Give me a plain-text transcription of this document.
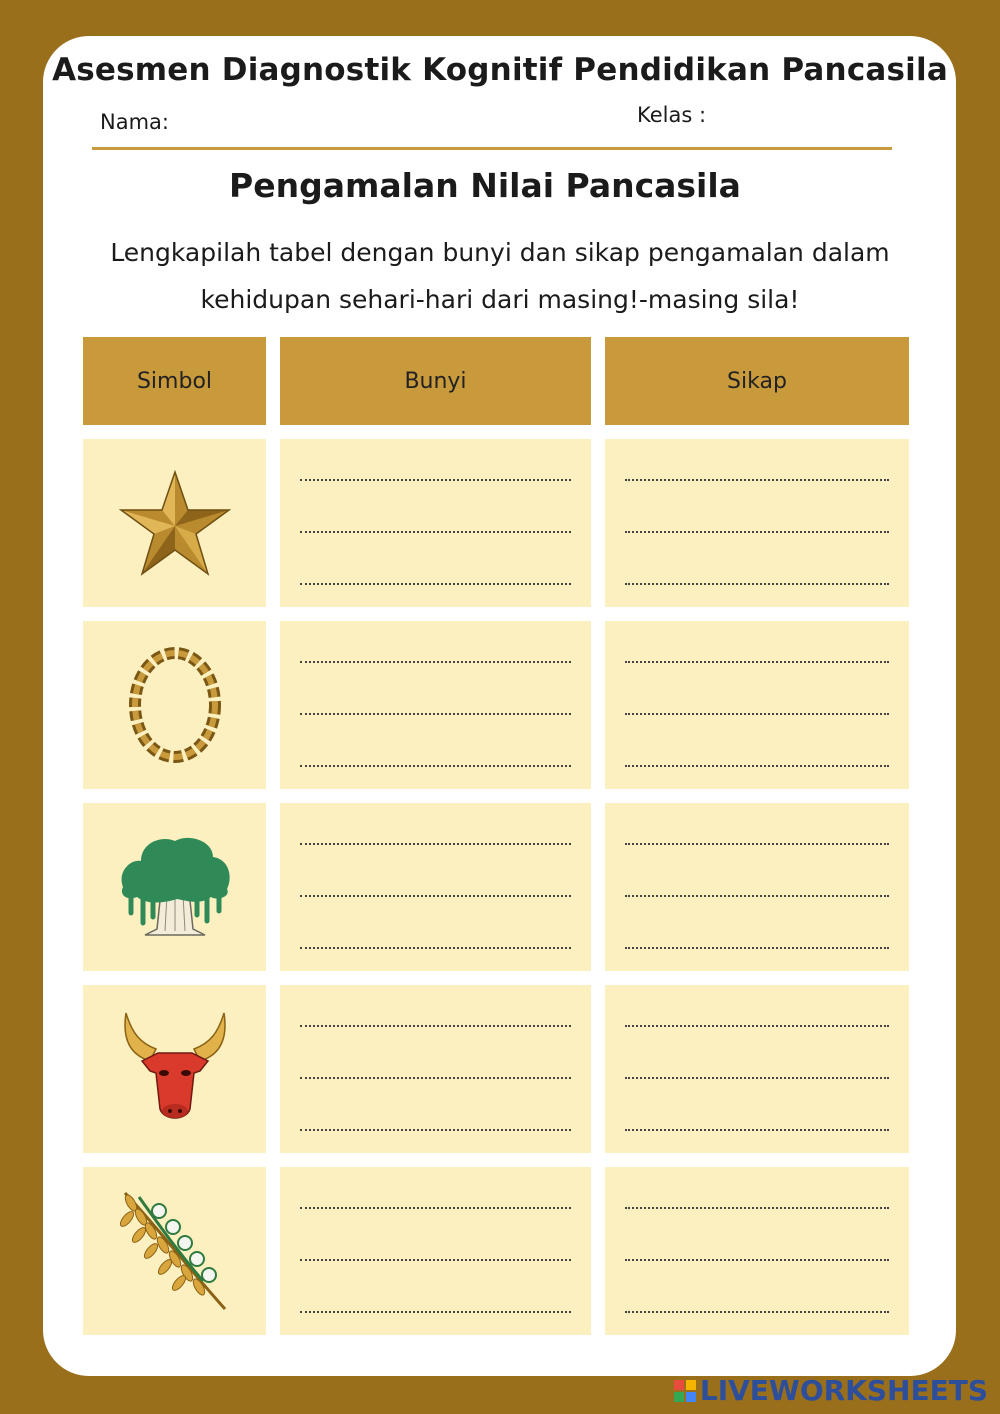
Asesmen Diagnostik Kognitif Pendidikan Pancasila
Nama:	Kelas :
Pengamalan Nilai Pancasila
Lengkapilah tabel dengan bunyi dan sikap pengamalan dalam
kehidupan sehari-hari dari masing!-masing sila!
Simbol	Bunyi	Sikap
LIVEWORKSHEETS
